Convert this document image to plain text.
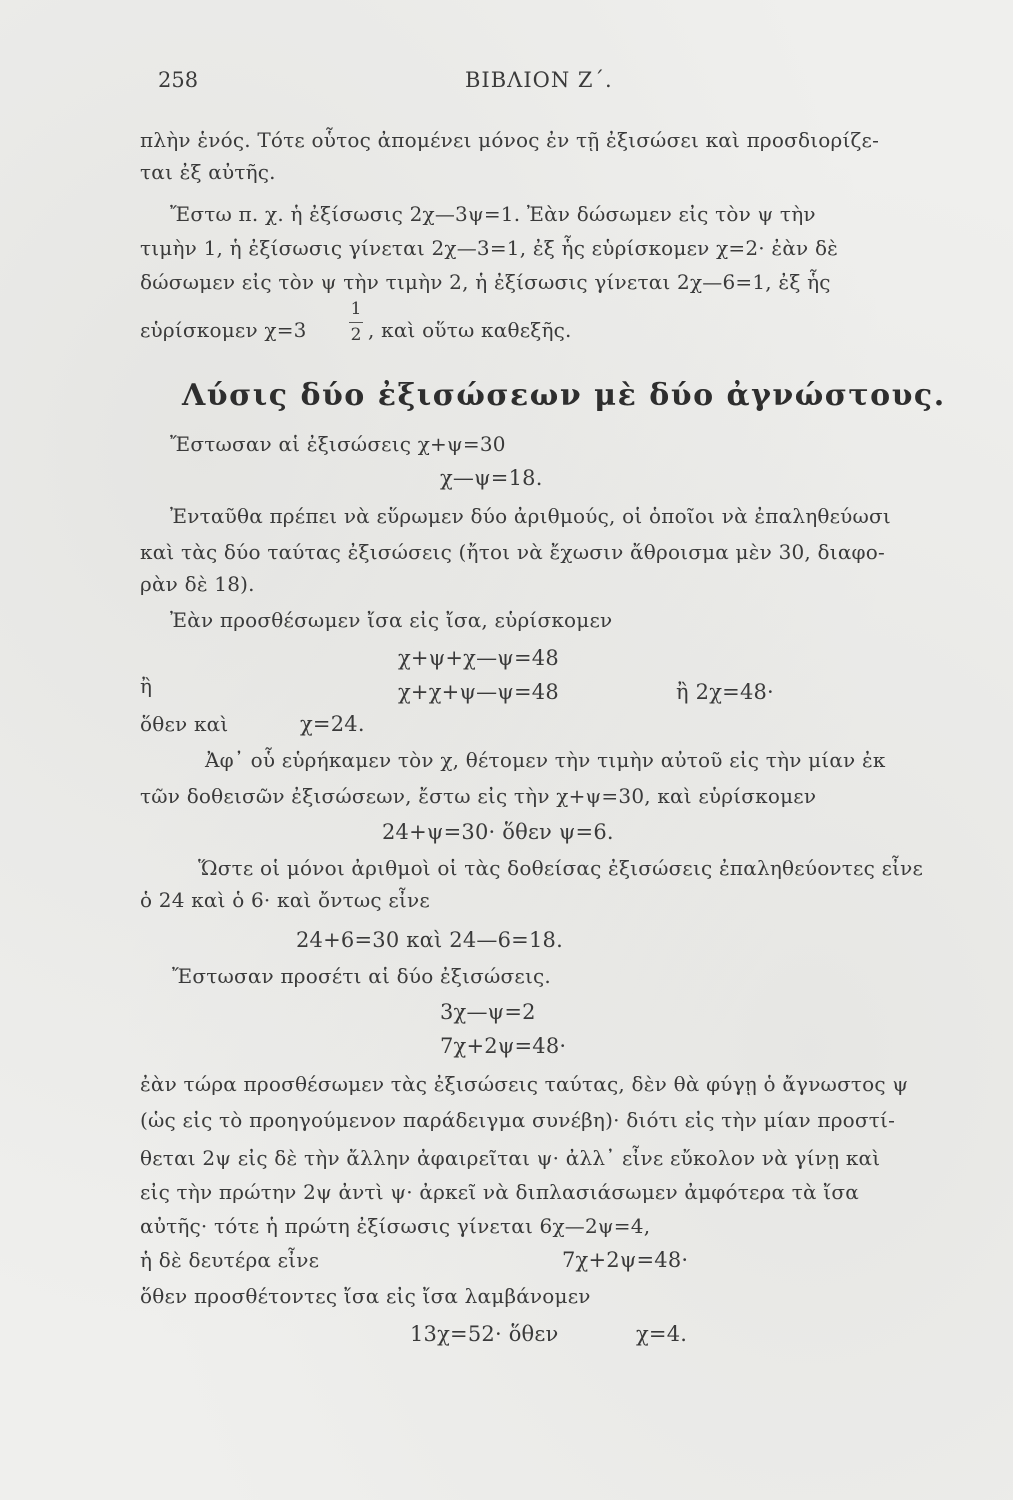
258	ΒΙΒΛΙΟΝ Ζ΄.
πλὴν ἑνός. Τότε οὗτος ἀπομένει μόνος ἐν τῇ ἐξισώσει καὶ προσδιορίζε-
ται ἐξ αὐτῆς.
Ἔστω π. χ. ἡ ἐξίσωσις 2χ—3ψ=1. Ἐὰν δώσωμεν εἰς τὸν ψ τὴν
τιμὴν 1, ἡ ἐξίσωσις γίνεται 2χ—3=1, ἐξ ἧς εὑρίσκομεν χ=2· ἐὰν δὲ
δώσωμεν εἰς τὸν ψ τὴν τιμὴν 2, ἡ ἐξίσωσις γίνεται 2χ—6=1, ἐξ ἧς
εὑρίσκομεν χ=3
1
2 , καὶ οὕτω καθεξῆς.
Λύσις δύο ἐξισώσεων μὲ δύο ἀγνώστους.
Ἔστωσαν αἱ ἐξισώσεις χ+ψ=30
χ—ψ=18.
Ἐνταῦθα πρέπει νὰ εὕρωμεν δύο ἀριθμούς, οἱ ὁποῖοι νὰ ἐπαληθεύωσι
καὶ τὰς δύο ταύτας ἐξισώσεις (ἤτοι νὰ ἔχωσιν ἄθροισμα μὲν 30, διαφο-
ρὰν δὲ 18).
Ἐὰν προσθέσωμεν ἴσα εἰς ἴσα, εὑρίσκομεν
χ+ψ+χ—ψ=48
ἢ	χ+χ+ψ—ψ=48	ἢ 2χ=48·
ὅθεν καὶ	χ=24.
Ἀφ᾿ οὗ εὑρήκαμεν τὸν χ, θέτομεν τὴν τιμὴν αὐτοῦ εἰς τὴν μίαν ἐκ
τῶν δοθεισῶν ἐξισώσεων, ἔστω εἰς τὴν χ+ψ=30, καὶ εὑρίσκομεν
24+ψ=30· ὅθεν ψ=6.
Ὥστε οἱ μόνοι ἀριθμοὶ οἱ τὰς δοθείσας ἐξισώσεις ἐπαληθεύοντες εἶνε
ὁ 24 καὶ ὁ 6· καὶ ὄντως εἶνε
24+6=30 καὶ 24—6=18.
Ἔστωσαν προσέτι αἱ δύο ἐξισώσεις.
3χ—ψ=2
7χ+2ψ=48·
ἐὰν τώρα προσθέσωμεν τὰς ἐξισώσεις ταύτας, δὲν θὰ φύγῃ ὁ ἄγνωστος ψ
(ὡς εἰς τὸ προηγούμενον παράδειγμα συνέβη)· διότι εἰς τὴν μίαν προστί-
θεται 2ψ εἰς δὲ τὴν ἄλλην ἀφαιρεῖται ψ· ἀλλ᾿ εἶνε εὔκολον νὰ γίνῃ καὶ
εἰς τὴν πρώτην 2ψ ἀντὶ ψ· ἀρκεῖ νὰ διπλασιάσωμεν ἀμφότερα τὰ ἴσα
αὐτῆς· τότε ἡ πρώτη ἐξίσωσις γίνεται 6χ—2ψ=4,
ἡ δὲ δευτέρα εἶνε	7χ+2ψ=48·
ὅθεν προσθέτοντες ἴσα εἰς ἴσα λαμβάνομεν
13χ=52· ὅθεν	χ=4.
